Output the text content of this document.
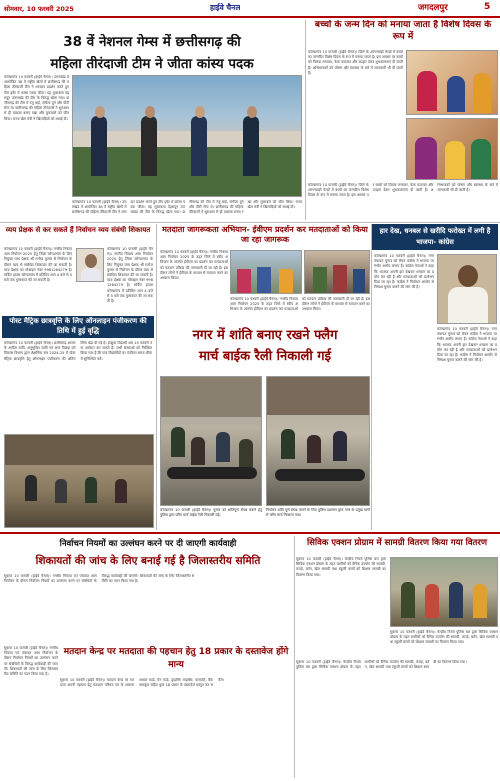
सोमवार, 10 फरवरी 2025	हाईवे चैनल	जगदलपुर	5
38 वें नेशनल गेम्स में छत्तीसगढ़ की
महिला तीरंदाजी टीम ने जीता कांस्य पदक
कोण्डागांव 10 फरवरी (हाईवे चैनल)। उत्तराखंड में आयोजित 38 वें राष्ट्रीय खेलों में छत्तीसगढ़ की महिला तीरंदाजी टीम ने शानदार प्रदर्शन करते हुए टीम इवेंट में कांस्य पदक जीता। यह मुकाबला देहरादून उत्तराखंड की टीम के विरुद्ध खेला गया। छत्तीसगढ़ की टीम में रंजू बाई, संगीता दुर्ग और पीटी सेन्ट थे। छत्तीसगढ़ की महिला तीरंदाजों ने शुरुआत से ही दबदबा बनाए रखा और मुकाबले को जीत लिया। राज्य खेल मंत्री ने खिलाड़ियों को बधाई दी।
कोण्डागांव 10 फरवरी (हाईवे चैनल)। उत्तराखंड में आयोजित 38 वें राष्ट्रीय खेलों में छत्तीसगढ़ की महिला तीरंदाजी टीम ने शानदार प्रदर्शन करते हुए टीम इवेंट में कांस्य पदक जीता। यह मुकाबला देहरादून उत्तराखंड की टीम के विरुद्ध खेला गया। छत्तीसगढ़ की टीम में रंजू बाई, संगीता दुर्ग और पीटी सेन्ट थे। छत्तीसगढ़ की महिला तीरंदाजों ने शुरुआत से ही दबदबा बनाए रखा और मुकाबले को जीत लिया। राज्य खेल मंत्री ने खिलाड़ियों को बधाई दी।
व्यय प्रेक्षक से कर सकते हैं निर्वाचन व्यय संबंधी शिकायत
कोण्डागांव 10 फरवरी (हाईवे चैनल)। नगरीय निकाय आम निर्वाचन 2025 हेतु जिला कोण्डागांव के लिए नियुक्त व्यय प्रेक्षक श्री मनोज कुमार से निर्वाचन के दौरान व्यय से संबंधित शिकायत की जा सकती है। व्यय प्रेक्षक का मोबाइल नंबर 9981264279 है। सर्किट हाउस कोण्डागांव में प्रतिदिन शाम 4 बजे से 5 बजे तक मुलाकात की जा सकती है।
कोण्डागांव 10 फरवरी (हाईवे चैनल)। नगरीय निकाय आम निर्वाचन 2025 हेतु जिला कोण्डागांव के लिए नियुक्त व्यय प्रेक्षक श्री मनोज कुमार से निर्वाचन के दौरान व्यय से संबंधित शिकायत की जा सकती है। व्यय प्रेक्षक का मोबाइल नंबर 9981264279 है। सर्किट हाउस कोण्डागांव में प्रतिदिन शाम 4 बजे से 5 बजे तक मुलाकात की जा सकती है।
पोस्ट मैट्रिक छात्रवृत्ति के लिए ऑनलाइन पंजीकरण की तिथि में हुई वृद्धि
कोण्डागांव 10 फरवरी (हाईवे चैनल)। छत्तीसगढ़ शासन के आदिम जाति, अनुसूचित जाति एवं अन्य पिछड़ा वर्ग विकास विभाग द्वारा शैक्षणिक सत्र 2024-25 में पोस्ट मैट्रिक छात्रवृत्ति हेतु ऑनलाइन पंजीकरण की अंतिम तिथि बढ़ा दी गई है। इच्छुक विद्यार्थी अब 15 फरवरी तक आवेदन कर सकते हैं। सभी संस्थाओं को निर्देशित किया गया है कि पात्र विद्यार्थियों का पंजीयन समय सीमा में सुनिश्चित करें।
बच्चों के जन्म दिन को मनाया जाता है विशेष दिवस के रूप में
कोण्डागांव 10 फरवरी (हाईवे चैनल)। जिले के आंगनबाड़ी केन्द्रों में बच्चों का जन्मदिन विशेष दिवस के रूप में मनाया जाता है। इस अवसर पर बच्चों को तिलक लगाकर, केक काटकर और उपहार देकर शुभकामनाएं दी जाती हैं। अभिभावकों को पोषण और स्वास्थ्य के बारे में जानकारी भी दी जाती है।
कोण्डागांव 10 फरवरी (हाईवे चैनल)। जिले के आंगनबाड़ी केन्द्रों में बच्चों का जन्मदिन विशेष दिवस के रूप में मनाया जाता है। इस अवसर पर बच्चों को तिलक लगाकर, केक काटकर और उपहार देकर शुभकामनाएं दी जाती हैं। अभिभावकों को पोषण और स्वास्थ्य के बारे में जानकारी भी दी जाती है।
मतदाता जागरूकता अभियान- ईवीएम प्रदर्शन कर मतदाताओं को किया जा रहा जागरूक
कोण्डागांव 10 फरवरी (हाईवे चैनल)। नगरीय निकाय आम निर्वाचन 2025 के तहत जिले में स्वीप अभियान के अंतर्गत ईवीएम का प्रदर्शन कर मतदाताओं को मतदान प्रक्रिया की जानकारी दी जा रही है। इस दौरान लोगों ने ईवीएम के माध्यम से मतदान करने का अभ्यास किया।
कोण्डागांव 10 फरवरी (हाईवे चैनल)। नगरीय निकाय आम निर्वाचन 2025 के तहत जिले में स्वीप अभियान के अंतर्गत ईवीएम का प्रदर्शन कर मतदाताओं को मतदान प्रक्रिया की जानकारी दी जा रही है। इस दौरान लोगों ने ईवीएम के माध्यम से मतदान करने का अभ्यास किया।
हार देख, धनबल से खरीदि फरोख्त में लगी है भाजपा- कांग्रेस
कोण्डागांव 10 फरवरी (हाईवे चैनल)। नगर पंचायत चुनाव को लेकर कांग्रेस ने भाजपा पर गंभीर आरोप लगाए हैं। कांग्रेस नेताओं ने कहा कि भाजपा अपनी हार देखकर धनबल का प्रयोग कर रही है और मतदाताओं को प्रलोभन दिया जा रहा है। कांग्रेस ने निर्वाचन आयोग से निष्पक्ष चुनाव कराने की मांग की है।
कोण्डागांव 10 फरवरी (हाईवे चैनल)। नगर पंचायत चुनाव को लेकर कांग्रेस ने भाजपा पर गंभीर आरोप लगाए हैं। कांग्रेस नेताओं ने कहा कि भाजपा अपनी हार देखकर धनबल का प्रयोग कर रही है और मतदाताओं को प्रलोभन दिया जा रहा है। कांग्रेस ने निर्वाचन आयोग से निष्पक्ष चुनाव कराने की मांग की है।
नगर में शांति बनाए रखने फ्लैग
मार्च बाईक रैली निकाली गई
कोण्डागांव 10 फरवरी (हाईवे चैनल)। चुनाव को शांतिपूर्ण संपन्न कराने हेतु पुलिस द्वारा फ्लैग मार्च बाईक रैली निकाली गई।
निर्वाचन शांति पूर्ण संपन्न कराने के लिए पुलिस प्रशासन द्वारा नगर के प्रमुख मार्गों से फ्लैग मार्च निकाला गया।
निर्वाचन नियमों का उल्लंघन करने पर दी जाएगी कार्यवाही
शिकायतों की जांच के लिए बनाई गई है जिलास्तरीय समिति
सुकमा 10 फरवरी (हाईवे चैनल)। नगरीय निकाय एवं पंचायत आम निर्वाचन के दौरान निर्वाचन नियमों का उल्लंघन करने पर संबंधितों के विरुद्ध कार्यवाही की जाएगी। शिकायतों की जांच के लिए जिलास्तरीय समिति का गठन किया गया है।
मतदान केन्द्र पर मतदाता की पहचान हेतु 18 प्रकार के दस्तावेज होंगे मान्य
सुकमा 10 फरवरी (हाईवे चैनल)। मतदान केन्द्र पर मतदाता अपनी पहचान हेतु मतदाता परिचय पत्र के अलावा आधार कार्ड, पैन कार्ड, ड्राइविंग लाइसेंस, पासपोर्ट, बैंक पासबुक सहित कुल 18 प्रकार के दस्तावेज प्रस्तुत कर सकेंगे।
सुकमा 10 फरवरी (हाईवे चैनल)। नगरीय निकाय एवं पंचायत आम निर्वाचन के दौरान निर्वाचन नियमों का उल्लंघन करने पर संबंधितों के विरुद्ध कार्यवाही की जाएगी। शिकायतों की जांच के लिए जिलास्तरीय समिति का गठन किया गया है।
सिविक एक्शन प्रोग्राम में सामग्री वितरण किया गया वितरण
सुकमा 10 फरवरी (हाईवे चैनल)। केन्द्रीय रिजर्व पुलिस बल द्वारा सिविक एक्शन प्रोग्राम के तहत ग्रामीणों को दैनिक उपयोग की सामग्री, कपड़े, बर्तन, खेल सामग्री तथा स्कूली बच्चों को शिक्षण सामग्री का वितरण किया गया।
सुकमा 10 फरवरी (हाईवे चैनल)। केन्द्रीय रिजर्व पुलिस बल द्वारा सिविक एक्शन प्रोग्राम के तहत ग्रामीणों को दैनिक उपयोग की सामग्री, कपड़े, बर्तन, खेल सामग्री तथा स्कूली बच्चों को शिक्षण सामग्री का वितरण किया गया।
सुकमा 10 फरवरी (हाईवे चैनल)। केन्द्रीय रिजर्व पुलिस बल द्वारा सिविक एक्शन प्रोग्राम के तहत ग्रामीणों को दैनिक उपयोग की सामग्री, कपड़े, बर्तन, खेल सामग्री तथा स्कूली बच्चों को शिक्षण सामग्री का वितरण किया गया।
